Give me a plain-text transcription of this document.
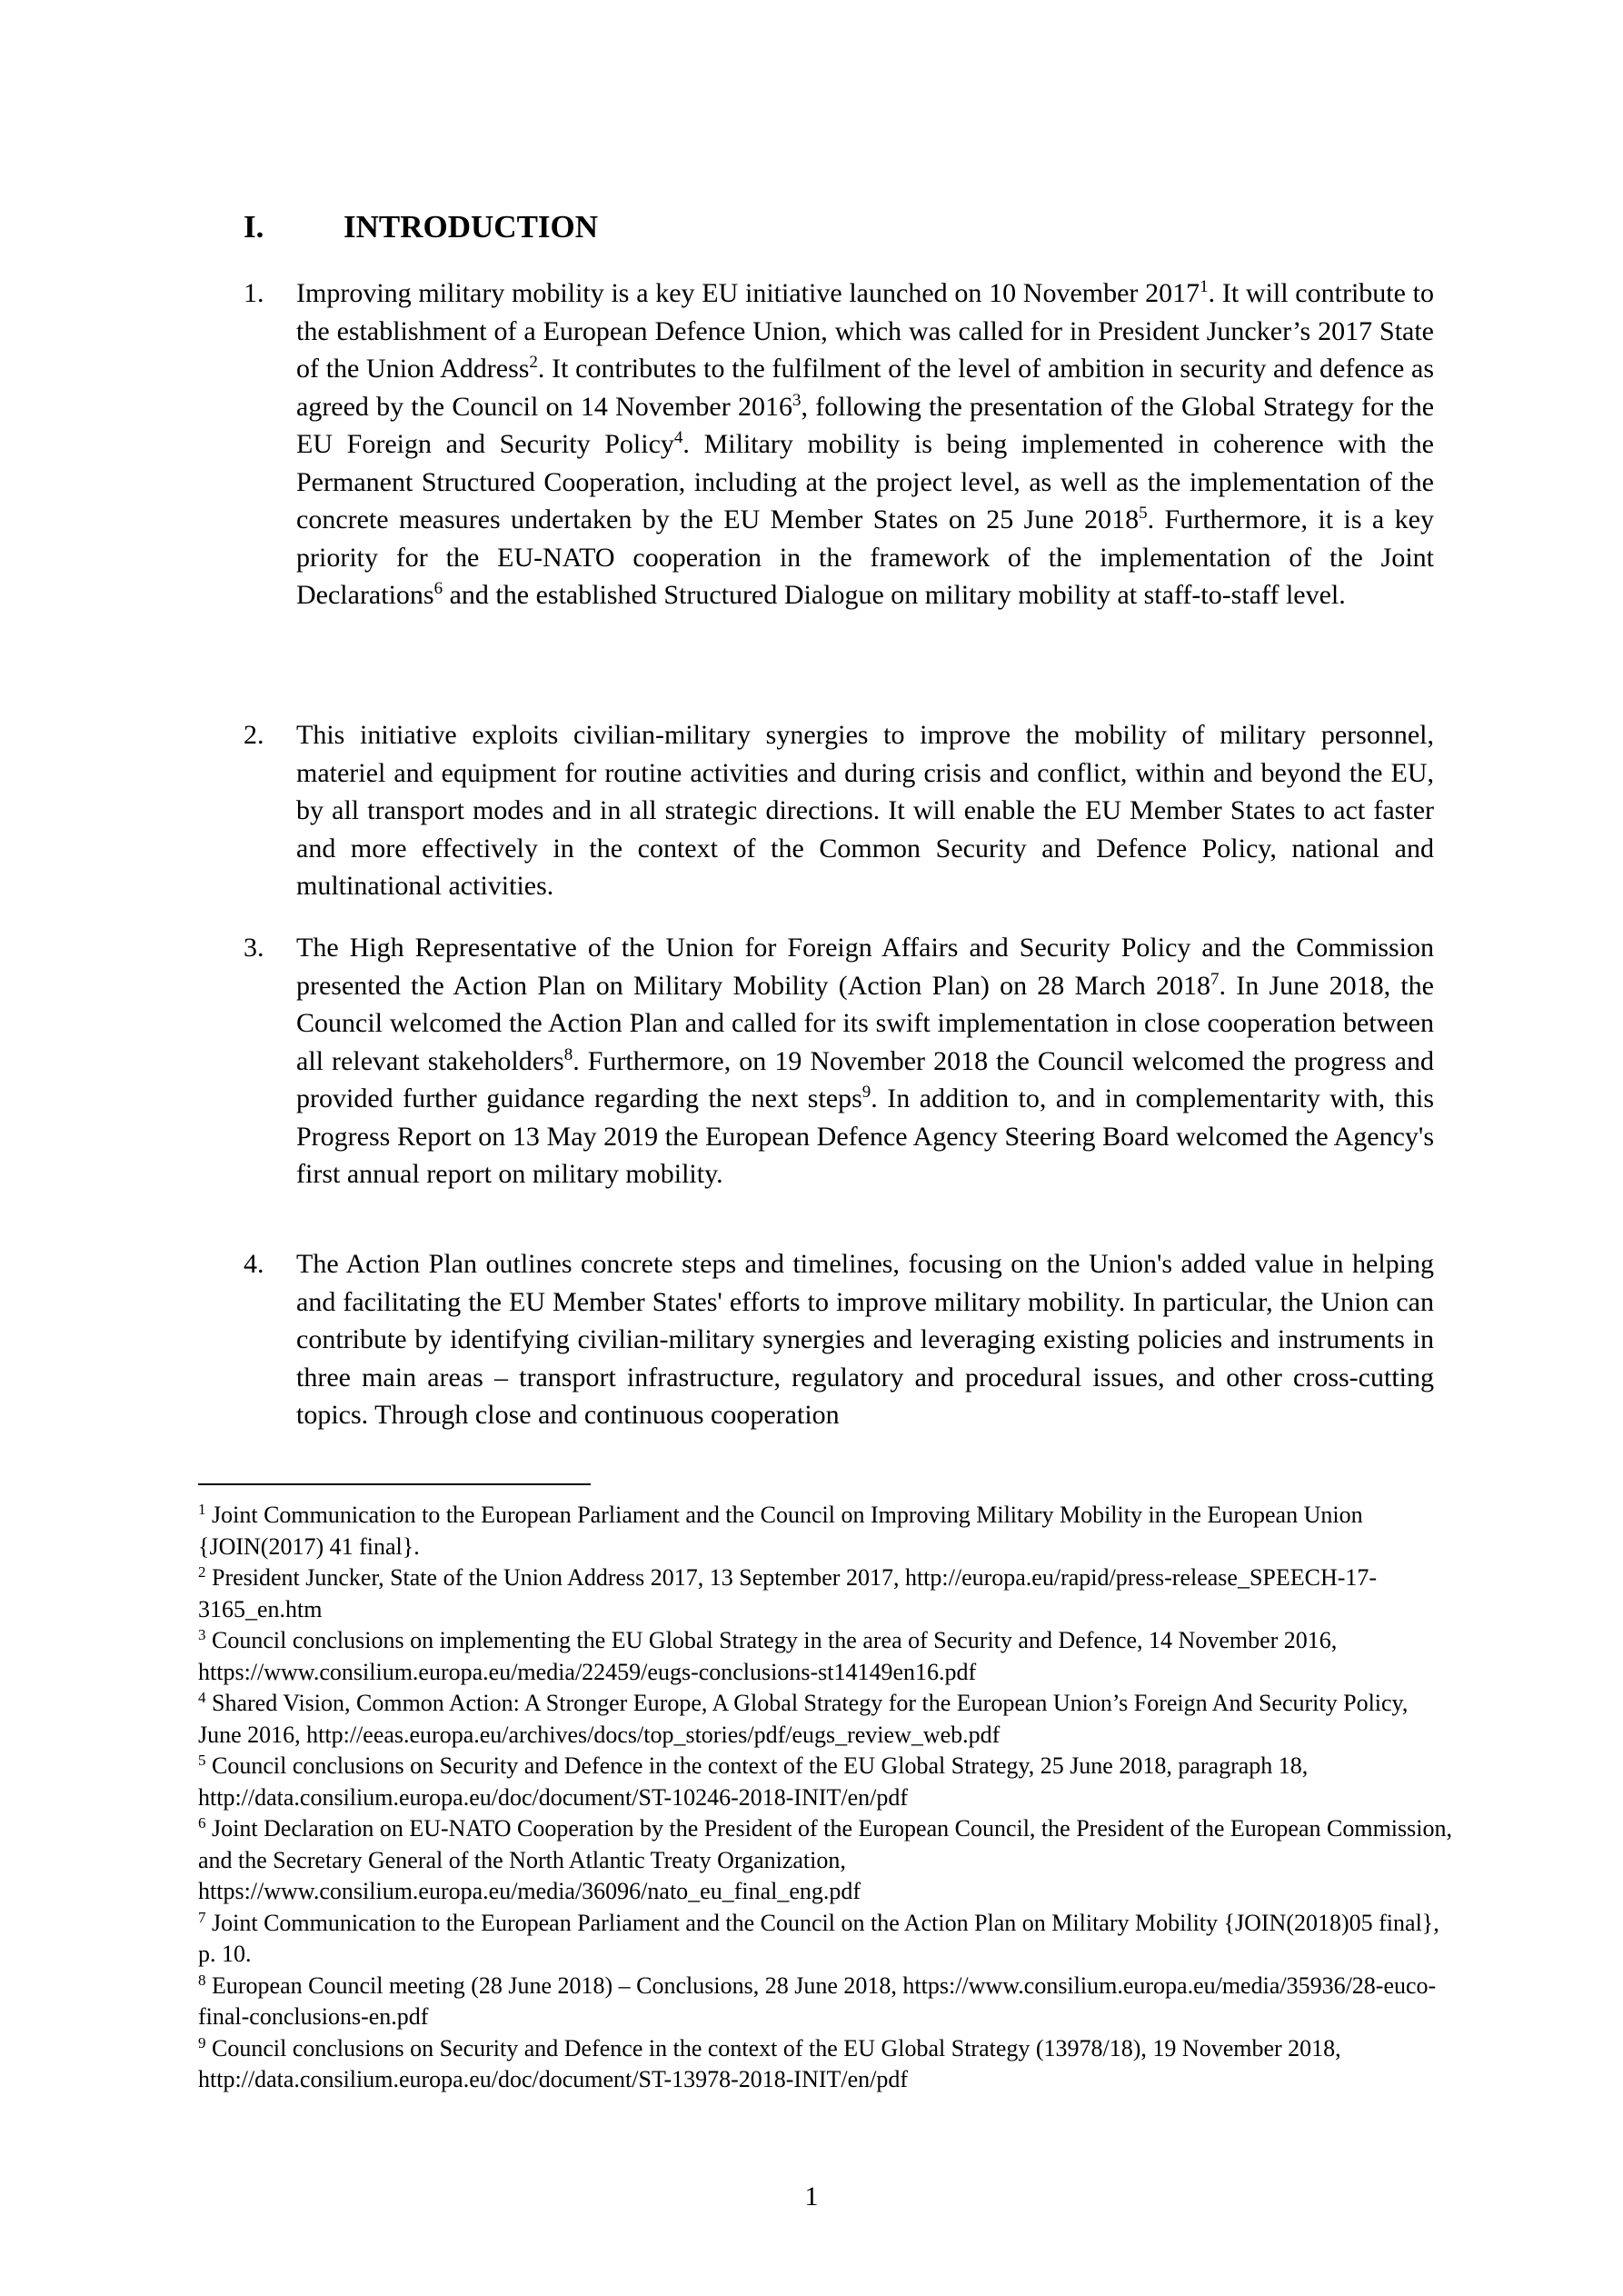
I.	INTRODUCTION
1. Improving military mobility is a key EU initiative launched on 10 November 2017$^1$. It will contribute to the establishment of a European Defence Union, which was called for in President Juncker’s 2017 State of the Union Address$^2$. It contributes to the fulfilment of the level of ambition in security and defence as agreed by the Council on 14 November 2016$^3$, following the presentation of the Global Strategy for the EU Foreign and Security Policy$^4$. Military mobility is being implemented in coherence with the Permanent Structured Cooperation, including at the project level, as well as the implementation of the concrete measures undertaken by the EU Member States on 25 June 2018$^5$. Furthermore, it is a key priority for the EU-NATO cooperation in the framework of the implementation of the Joint Declarations$^6$ and the established Structured Dialogue on military mobility at staff-to-staff level.
2. This initiative exploits civilian-military synergies to improve the mobility of military personnel, materiel and equipment for routine activities and during crisis and conflict, within and beyond the EU, by all transport modes and in all strategic directions. It will enable the EU Member States to act faster and more effectively in the context of the Common Security and Defence Policy, national and multinational activities.
3. The High Representative of the Union for Foreign Affairs and Security Policy and the Commission presented the Action Plan on Military Mobility (Action Plan) on 28 March 2018$^7$. In June 2018, the Council welcomed the Action Plan and called for its swift implementation in close cooperation between all relevant stakeholders$^8$. Furthermore, on 19 November 2018 the Council welcomed the progress and provided further guidance regarding the next steps$^9$. In addition to, and in complementarity with, this Progress Report on 13 May 2019 the European Defence Agency Steering Board welcomed the Agency's first annual report on military mobility.
4. The Action Plan outlines concrete steps and timelines, focusing on the Union's added value in helping and facilitating the EU Member States' efforts to improve military mobility. In particular, the Union can contribute by identifying civilian-military synergies and leveraging existing policies and instruments in three main areas – transport infrastructure, regulatory and procedural issues, and other cross-cutting topics. Through close and continuous cooperation

$^1$ Joint Communication to the European Parliament and the Council on Improving Military Mobility in the European Union {JOIN(2017) 41 final}.

$^2$ President Juncker, State of the Union Address 2017, 13 September 2017, http://europa.eu/rapid/press-release_SPEECH-17-3165_en.htm

$^3$ Council conclusions on implementing the EU Global Strategy in the area of Security and Defence, 14 November 2016, https://www.consilium.europa.eu/media/22459/eugs-conclusions-st14149en16.pdf

$^4$ Shared Vision, Common Action: A Stronger Europe, A Global Strategy for the European Union’s Foreign And Security Policy, June 2016, http://eeas.europa.eu/archives/docs/top_stories/pdf/eugs_review_web.pdf

$^5$ Council conclusions on Security and Defence in the context of the EU Global Strategy, 25 June 2018, paragraph 18, http://data.consilium.europa.eu/doc/document/ST-10246-2018-INIT/en/pdf

$^6$ Joint Declaration on EU-NATO Cooperation by the President of the European Council, the President of the European Commission, and the Secretary General of the North Atlantic Treaty Organization, https://www.consilium.europa.eu/media/36096/nato_eu_final_eng.pdf

$^7$ Joint Communication to the European Parliament and the Council on the Action Plan on Military Mobility {JOIN(2018)05 final}, p. 10.

$^8$ European Council meeting (28 June 2018) – Conclusions, 28 June 2018, https://www.consilium.europa.eu/media/35936/28-euco-final-conclusions-en.pdf

$^9$ Council conclusions on Security and Defence in the context of the EU Global Strategy (13978/18), 19 November 2018, http://data.consilium.europa.eu/doc/document/ST-13978-2018-INIT/en/pdf

1
